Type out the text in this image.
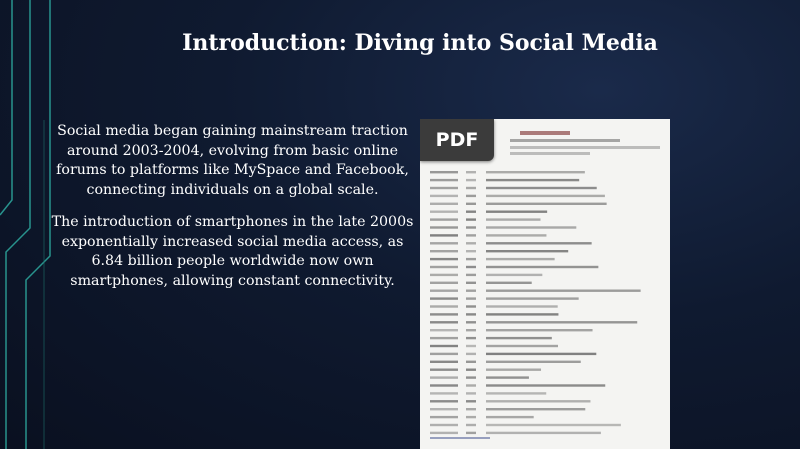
Introduction: Diving into Social Media

Social media began gaining mainstream traction around 2003-2004, evolving from basic online forums to platforms like MySpace and Facebook, connecting individuals on a global scale.

The introduction of smartphones in the late 2000s exponentially increased social media access, as 6.84 billion people worldwide now own smartphones, allowing constant connectivity.

PDF
